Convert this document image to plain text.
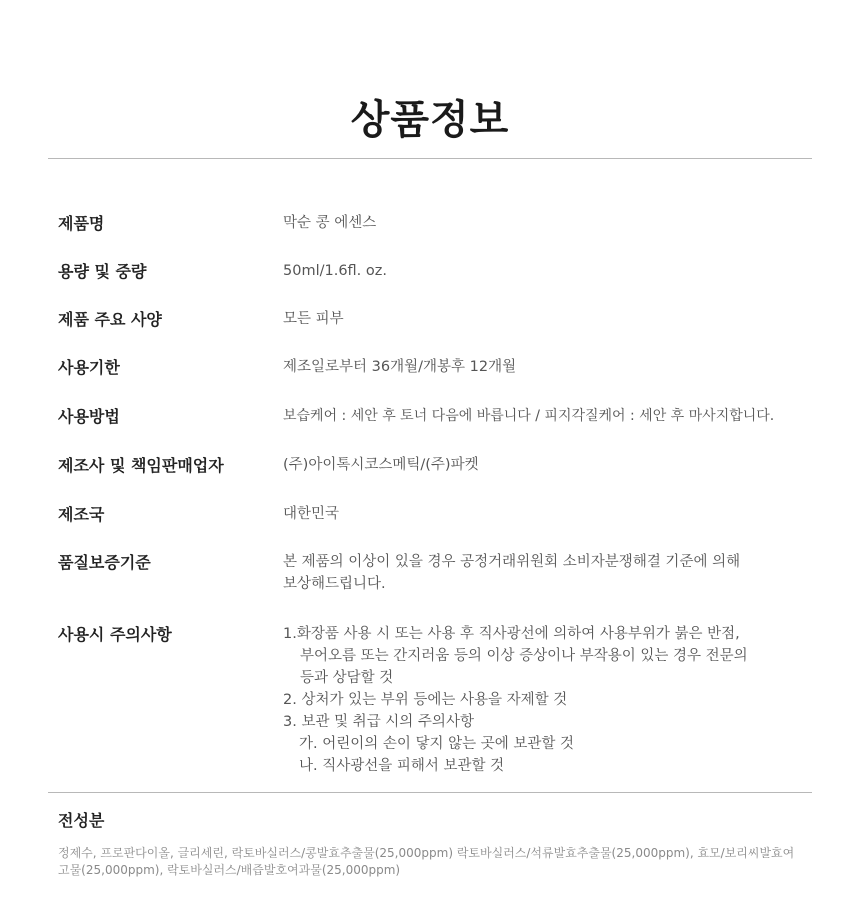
상품정보
제품명	막순 콩 에센스
용량 및 중량	50ml/1.6fl. oz.
제품 주요 사양	모든 피부
사용기한	제조일로부터 36개월/개봉후 12개월
사용방법	보습케어 : 세안 후 토너 다음에 바릅니다 / 피지각질케어 : 세안 후 마사지합니다.
제조사 및 책임판매업자	(주)아이톡시코스메틱/(주)파켓
제조국	대한민국
품질보증기준	본 제품의 이상이 있을 경우 공정거래위원회 소비자분쟁해결 기준에 의해
보상해드립니다.
사용시 주의사항	1.화장품 사용 시 또는 사용 후 직사광선에 의하여 사용부위가 붉은 반점,
부어오름 또는 간지러움 등의 이상 증상이나 부작용이 있는 경우 전문의
등과 상담할 것
2. 상처가 있는 부위 등에는 사용을 자제할 것
3. 보관 및 취급 시의 주의사항
가. 어린이의 손이 닿지 않는 곳에 보관할 것
나. 직사광선을 피해서 보관할 것
전성분
정제수, 프로판다이올, 글리세린, 락토바실러스/콩발효추출물(25,000ppm) 락토바실러스/석류발효추출물(25,000ppm), 효모/보리씨발효여고물(25,000ppm), 락토바실러스/배즙발호여과물(25,000ppm)
